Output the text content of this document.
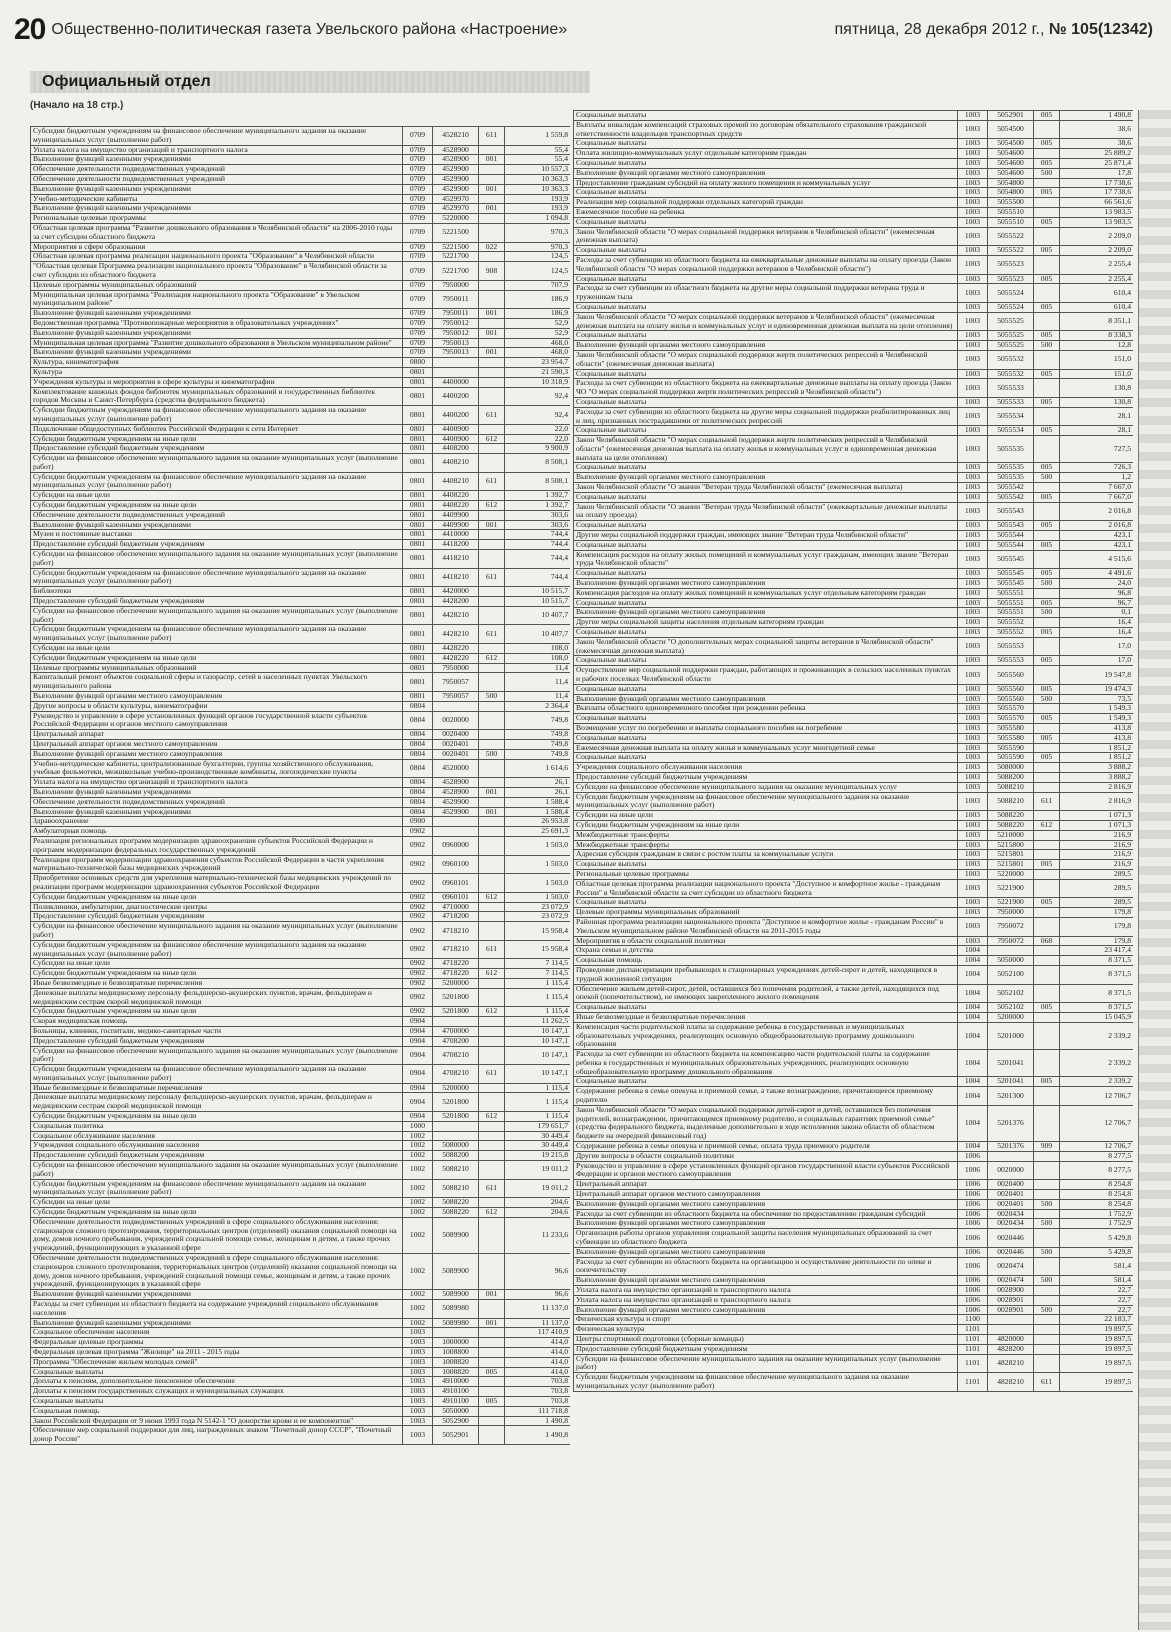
20 Общественно-политическая газета Увельского района «Настроение»	пятница, 28 декабря 2012 г., № 105(12342)
Официальный отдел
(Начало на 18 стр.)
Субсидии бюджетным учреждениям на финансовое обеспечение муниципального задания на оказание муниципальных услуг (выполнение работ)	0709	4528210	611	1 559,8
Уплата налога на имущество организаций и транспортного налога	0709	4528900		55,4
Выполнение функций казенными учреждениями	0709	4528900	001	55,4
Обеспечение деятельности подведомственных учреждений	0709	4529900		10 557,3
Обеспечение деятельности подведомственных учреждений	0709	4529900		10 363,3
Выполнение функций казенными учреждениями	0709	4529900	001	10 363,3
Учебно-методические кабинеты	0709	4529970		193,9
Выполнение функций казенными учреждениями	0709	4529970	001	193,9
Региональные целевые программы	0709	5220000		1 094,8
Областная целевая программа "Развитие дошкольного образования в Челябинской области" на 2006-2010 годы за счет субсидии областного бюджета	0709	5221500		970,3
Мероприятия в сфере образования	0709	5221500	022	970,3
Областная целевая программа реализации национального проекта "Образование" в Челябинской области	0709	5221700		124,5
"Областная целевая Программа реализации национального проекта "Образование" в Челябинской области за счет субсидии из областного бюджета	0709	5221700	908	124,5
Целевые программы муниципальных образований	0709	7950000		707,9
Муниципальная целевая программа "Реализация национального проекта "Образование" в Увельском муниципальном районе"	0709	7950011		186,9
Выполнение функций казенными учреждениями	0709	7950011	001	186,9
Ведомственная программа "Противопожарные мероприятия в образовательных учреждениях"	0709	7950012		52,9
Выполнение функций казенными учреждениями	0709	7950012	001	52,9
Муниципальная целевая программа "Развитие дошкольного образования в Увельском муниципальном районе"	0709	7950013		468,0
Выполнение функций казенными учреждениями	0709	7950013	001	468,0
Культура, кинематография	0800			23 954,7
Культура	0801			21 590,3
Учреждения культуры и мероприятия в сфере культуры и кинематографии	0801	4400000		10 318,9
Комплектование книжных фондов библиотек муниципальных образований и государственных библиотек городов Москвы и Санкт-Петербурга (средства федерального бюджета)	0801	4400200		92,4
Субсидии бюджетным учреждениям на финансовое обеспечение муниципального задания на оказание муниципальных услуг (выполнение работ)	0801	4400200	611	92,4
Подключение общедоступных библиотек Российской Федерации к сети Интернет	0801	4400900		22,0
Субсидии бюджетным учреждениям на иные цели	0801	4400900	612	22,0
Предоставление субсидий бюджетным учреждениям	0801	4408200		9 900,9
Субсидии на финансовое обеспечение муниципального задания на оказание муниципальных услуг (выполнение работ)	0801	4408210		8 508,1
Субсидии бюджетным учреждениям на финансовое обеспечение муниципального задания на оказание муниципальных услуг (выполнение работ)	0801	4408210	611	8 508,1
Субсидии на иные цели	0801	4408220		1 392,7
Субсидии бюджетным учреждениям на иные цели	0801	4408220	612	1 392,7
Обеспечение деятельности подведомственных учреждений	0801	4409900		303,6
Выполнение функций казенными учреждениями	0801	4409900	001	303,6
Музеи и постоянные выставки	0801	4410000		744,4
Предоставление субсидий бюджетным учреждениям	0801	4418200		744,4
Субсидии на финансовое обеспечение муниципального задания на оказание муниципальных услуг (выполнение работ)	0801	4418210		744,4
Субсидии бюджетным учреждениям на финансовое обеспечение муниципального задания на оказание муниципальных услуг (выполнение работ)	0801	4418210	611	744,4
Библиотеки	0801	4420000		10 515,7
Предоставление субсидий бюджетным учреждениям	0801	4428200		10 515,7
Субсидии на финансовое обеспечение муниципального задания на оказание муниципальных услуг (выполнение работ)	0801	4428210		10 407,7
Субсидии бюджетным учреждениям на финансовое обеспечение муниципального задания на оказание муниципальных услуг (выполнение работ)	0801	4428210	611	10 407,7
Субсидии на иные цели	0801	4428220		108,0
Субсидии бюджетным учреждениям на иные цели	0801	4428220	612	108,0
Целевые программы муниципальных образований	0801	7950000		11,4
Капитальный ремонт объектов социальной сферы и газораспр. сетей в населенных пунктах Увельского муниципального района	0801	7950057		11,4
Выполнение функций органами местного самоуправления	0801	7950057	500	11,4
Другие вопросы в области культуры, кинематографии	0804			2 364,4
Руководство и управление в сфере установленных функций органов государственной власти субъектов Российской Федерации и органов местного самоуправления	0804	0020000		749,8
Центральный аппарат	0804	0020400		749,8
Центральный аппарат органов местного самоуправления	0804	0020401		749,8
Выполнение функций органами местного самоуправления	0804	0020401	500	749,8
Учебно-методические кабинеты, централизованные бухгалтерии, группы хозяйственного обслуживания, учебные фильмотеки, межшкольные учебно-производственные комбинаты, логопедические пункты	0804	4520000		1 614,6
Уплата налога на имущество организаций и транспортного налога	0804	4528900		26,1
Выполнение функций казенными учреждениями	0804	4528900	001	26,1
Обеспечение деятельности подведомственных учреждений	0804	4529900		1 588,4
Выполнение функций казенными учреждениями	0804	4529900	001	1 588,4
Здравоохранение	0900			26 953,8
Амбулаторная помощь	0902			25 691,3
Реализация региональных программ модернизации здравоохранения субъектов Российской Федерации и программ модернизации федеральных государственных учреждений	0902	0960000		1 503,0
Реализация программ модернизации здравоохранения субъектов Российской Федерации в части укрепления материально-технической базы медицинских учреждений	0902	0960100		1 503,0
Приобретение основных средств для укрепления материально-технической базы медицинских учреждений по реализации программ модернизации здравоохранения субъектов Российской Федерации	0902	0960101		1 503,0
Субсидии бюджетным учреждениям на иные цели	0902	0960101	612	1 503,0
Поликлиники, амбулатории, диагностические центры	0902	4710000		23 072,9
Предоставление субсидий бюджетным учреждениям	0902	4718200		23 072,9
Субсидии на финансовое обеспечение муниципального задания на оказание муниципальных услуг (выполнение работ)	0902	4718210		15 958,4
Субсидии бюджетным учреждениям на финансовое обеспечение муниципального задания на оказание муниципальных услуг (выполнение работ)	0902	4718210	611	15 958,4
Субсидии на иные цели	0902	4718220		7 114,5
Субсидии бюджетным учреждениям на иные цели	0902	4718220	612	7 114,5
Иные безвозмездные и безвозвратные перечисления	0902	5200000		1 115,4
Денежные выплаты медицинскому персоналу фельдшерско-акушерских пунктов, врачам, фельдшерам и медицинским сестрам скорой медицинской помощи	0902	5201800		1 115,4
Субсидии бюджетным учреждениям на иные цели	0902	5201800	612	1 115,4
Скорая медицинская помощь	0904			11 262,5
Больницы, клиники, госпитали, медико-санитарные части	0904	4700000		10 147,1
Предоставление субсидий бюджетным учреждениям	0904	4708200		10 147,1
Субсидии на финансовое обеспечение муниципального задания на оказание муниципальных услуг (выполнение работ)	0904	4708210		10 147,1
Субсидии бюджетным учреждениям на финансовое обеспечение муниципального задания на оказание муниципальных услуг (выполнение работ)	0904	4708210	611	10 147,1
Иные безвозмездные и безвозвратные перечисления	0904	5200000		1 115,4
Денежные выплаты медицинскому персоналу фельдшерско-акушерских пунктов, врачам, фельдшерам и медицинским сестрам скорой медицинской помощи	0904	5201800		1 115,4
Субсидии бюджетным учреждениям на иные цели	0904	5201800	612	1 115,4
Социальная политика	1000			179 651,7
Социальное обслуживание населения	1002			30 449,4
Учреждения социального обслуживания населения	1002	5080000		30 449,4
Предоставление субсидий бюджетным учреждениям	1002	5088200		19 215,8
Субсидии на финансовое обеспечение муниципального задания на оказание муниципальных услуг (выполнение работ)	1002	5088210		19 011,2
Субсидии бюджетным учреждениям на финансовое обеспечение муниципального задания на оказание муниципальных услуг (выполнение работ)	1002	5088210	611	19 011,2
Субсидии на иные цели	1002	5088220		204,6
Субсидии бюджетным учреждениям на иные цели	1002	5088220	612	204,6
Обеспечение деятельности подведомственных учреждений в сфере социального обслуживания населения: стационаров сложного протезирования, территориальных центров (отделений) оказания социальной помощи на дому, домов ночного пребывания, учреждений социальной помощи семье, женщинам и детям, а также прочих учреждений, функционирующих в указанной сфере	1002	5089900		11 233,6
Обеспечение деятельности подведомственных учреждений в сфере социального обслуживания населения: стационаров сложного протезирования, территориальных центров (отделений) оказания социальной помощи на дому, домов ночного пребывания, учреждений социальной помощи семье, женщинам и детям, а также прочих учреждений, функционирующих в указанной сфере	1002	5089900		96,6
Выполнение функций казенными учреждениями	1002	5089900	001	96,6
Расходы за счет субвенции из областного бюджета на содержание учреждений социального обслуживания населения	1002	5089980		11 137,0
Выполнение функций казенными учреждениями	1002	5089980	001	11 137,0
Социальное обеспечение населения	1003			117 410,9
Федеральные целевые программы	1003	1000000		414,0
Федеральная целевая программа "Жилище" на 2011 - 2015 годы	1003	1008800		414,0
Программа "Обеспечение жильем молодых семей"	1003	1008820		414,0
Социальные выплаты	1003	1008820	005	414,0
Доплаты к пенсиям, дополнительное пенсионное обеспечение	1003	4910000		703,8
Доплаты к пенсиям государственных служащих и муниципальных служащих	1003	4910100		703,8
Социальные выплаты	1003	4910100	005	703,8
Социальная помощь	1003	5050000		111 718,8
Закон Российской Федерации от 9 июня 1993 года N 5142-1 "О донорстве крови и ее компонентов"	1003	5052900		1 490,8
Обеспечение мер социальной поддержки для лиц, награжденных знаком "Почетный донор СССР", "Почетный донор России"	1003	5052901		1 490,8
Социальные выплаты	1003	5052901	005	1 490,8
Выплаты инвалидам компенсаций страховых премий по договорам обязательного страхования гражданской ответственности владельцев транспортных средств	1003	5054500		38,6
Социальные выплаты	1003	5054500	005	38,6
Оплата жилищно-коммунальных услуг отдельным категориям граждан	1003	5054600		25 889,2
Социальные выплаты	1003	5054600	005	25 871,4
Выполнение функций органами местного самоуправления	1003	5054600	500	17,8
Предоставление гражданам субсидий на оплату жилого помещения и коммунальных услуг	1003	5054800		17 738,6
Социальные выплаты	1003	5054800	005	17 738,6
Реализация мер социальной поддержки отдельных категорий граждан	1003	5055500		66 561,6
Ежемесячное пособие на ребенка	1003	5055510		13 983,5
Социальные выплаты	1003	5055510	005	13 983,5
Закон Челябинской области "О мерах социальной поддержки ветеранов в Челябинской области" (ежемесячная денежная выплата)	1003	5055522		2 209,0
Социальные выплаты	1003	5055522	005	2 209,0
Расходы за счет субвенции из областного бюджета на ежеквартальные денежные выплаты на оплату проезда (Закон Челябинской области "О мерах социальной поддержки ветеранов в Челябинской области")	1003	5055523		2 255,4
Социальные выплаты	1003	5055523	005	2 255,4
Расходы за счет субвенции из областного бюджета на другие меры социальной поддержки ветерана труда и труженикам тыла	1003	5055524		610,4
Социальные выплаты	1003	5055524	005	610,4
Закон Челябинской области "О мерах социальной поддержки ветеранов в Челябинской области" (ежемесячная денежная выплата на оплату жилья и коммунальных услуг и единовременная денежная выплата на цели отопления)	1003	5055525		8 351,1
Социальные выплаты	1003	5055525	005	8 338,3
Выполнение функций органами местного самоуправления	1003	5055525	500	12,8
Закон Челябинской области "О мерах социальной поддержки жертв политических репрессий в Челябинской области" (ежемесячная денежная выплата)	1003	5055532		151,0
Социальные выплаты	1003	5055532	005	151,0
Расходы за счет субвенции из областного бюджета на ежеквартальные денежные выплаты на оплату проезда (Закон ЧО "О мерах социальной поддержки жертв политических репрессий в Челябинской области")	1003	5055533		130,8
Социальные выплаты	1003	5055533	005	130,8
Расходы за счет субвенции из областного бюджета на другие меры социальной поддержки реабилитированных лиц и лиц, признанных пострадавшими от политических репрессий	1003	5055534		28,1
Социальные выплаты	1003	5055534	005	28,1
Закон Челябинской области "О мерах социальной поддержки жертв политических репрессий в Челябинской области" (ежемесячная денежная выплата на оплату жилья и коммунальных услуг и единовременная денежная выплата на цели отопления)	1003	5055535		727,5
Социальные выплаты	1003	5055535	005	726,3
Выполнение функций органами местного самоуправления	1003	5055535	500	1,2
Закон Челябинской области "О звании "Ветеран труда Челябинской области" (ежемесячная выплата)	1003	5055542		7 667,0
Социальные выплаты	1003	5055542	005	7 667,0
Закон Челябинской области "О звании "Ветеран труда Челябинской области" (ежеквартальные денежные выплаты на оплату проезда)	1003	5055543		2 016,8
Социальные выплаты	1003	5055543	005	2 016,8
Другие меры социальной поддержки граждан, имеющих звание "Ветеран труда Челябинской области"	1003	5055544		423,1
Социальные выплаты	1003	5055544	005	423,1
Компенсация расходов на оплату жилых помещений и коммунальных услуг гражданам, имеющих звание "Ветеран труда Челябинской области"	1003	5055545		4 515,6
Социальные выплаты	1003	5055545	005	4 491,6
Выполнение функций органами местного самоуправления	1003	5055545	500	24,0
Компенсация расходов на оплату жилых помещений и коммунальных услуг отдельным категориям граждан	1003	5055551		96,8
Социальные выплаты	1003	5055551	005	96,7
Выполнение функций органами местного самоуправления	1003	5055551	500	0,1
Другие меры социальной защиты населения отдельным категориям граждан	1003	5055552		16,4
Социальные выплаты	1003	5055552	005	16,4
Закон Челябинской области "О дополнительных мерах социальной защиты ветеранов в Челябинской области" (ежемесячная денежная выплата)	1003	5055553		17,0
Социальные выплаты	1003	5055553	005	17,0
Осуществление мер социальной поддержки граждан, работающих и проживающих в сельских населенных пунктах и рабочих поселках Челябинской области	1003	5055560		19 547,8
Социальные выплаты	1003	5055560	005	19 474,3
Выполнение функций органами местного самоуправления	1003	5055560	500	73,5
Выплаты областного единовременного пособия при рождении ребенка	1003	5055570		1 549,3
Социальные выплаты	1003	5055570	005	1 549,3
Возмещение услуг по погребению и выплаты социального пособия на погребение	1003	5055580		413,8
Социальные выплаты	1003	5055580	005	413,8
Ежемесячная денежная выплата на оплату жилья и коммунальных услуг многодетной семье	1003	5055590		1 851,2
Социальные выплаты	1003	5055590	005	1 851,2
Учреждения социального обслуживания населения	1003	5080000		3 888,2
Предоставление субсидий бюджетным учреждениям	1003	5088200		3 888,2
Субсидии на финансовое обеспечение муниципального задания на оказание муниципальных услуг	1003	5088210		2 816,9
Субсидии бюджетным учреждениям на финансовое обеспечение муниципального задания на оказание муниципальных услуг (выполнение работ)	1003	5088210	611	2 816,9
Субсидии на иные цели	1003	5088220		1 071,3
Субсидии бюджетным учреждениям на иные цели	1003	5088220	612	1 071,3
Межбюджетные трансферты	1003	5210000		216,9
Межбюджетные трансферты	1003	5215800		216,9
Адресная субсидия гражданам в связи с ростом платы за коммунальные услуги	1003	5215801		216,9
Социальные выплаты	1003	5215801	005	216,9
Региональные целевые программы	1003	5220000		289,5
Областная целевая программа реализации национального проекта "Доступное и комфортное жилье - гражданам России" в Челябинской области за счет субсидии из областного бюджета	1003	5221900		289,5
Социальные выплаты	1003	5221900	005	289,5
Целевые программы муниципальных образований	1003	7950000		179,8
Районная программа реализации национального проекта "Доступное и комфортное жилье - гражданам России" в Увельском муниципальном районе Челябинской области на 2011-2015 годы	1003	7950072		179,8
Мероприятия в области социальной политики	1003	7950072	068	179,8
Охрана семьи и детства	1004			23 417,4
Социальная помощь	1004	5050000		8 371,5
Проведение диспансеризации пребывающих в стационарных учреждениях детей-сирот и детей, находящихся в трудной жизненной ситуации	1004	5052100		8 371,5
Обеспечение жильем детей-сирот, детей, оставшихся без попечения родителей, а также детей, находящихся под опекой (попечительством), не имеющих закрепленного жилого помещения	1004	5052102		8 371,5
Социальные выплаты	1004	5052102	005	8 371,5
Иные безвозмездные и безвозвратные перечисления	1004	5200000		15 045,9
Компенсация части родительской платы за содержание ребенка в государственных и муниципальных образовательных учреждениях, реализующих основную общеобразовательную программу дошкольного образования	1004	5201000		2 339,2
Расходы за счет субвенции из областного бюджета на компенсацию части родительской платы за содержание ребенка в государственных и муниципальных образовательных учреждениях, реализующих основную общеобразовательную программу дошкольного образования	1004	5201041		2 339,2
Социальные выплаты	1004	5201041	005	2 339,2
Содержание ребенка в семье опекуна и приемной семье, а также вознаграждение, причитающееся приемному родителю	1004	5201300		12 706,7
Закон Челябинской области "О мерах социальной поддержки детей-сирот и детей, оставшихся без попечения родителей, вознаграждении, причитающемся приемному родителю, и социальных гарантиях приемной семье" (средства федерального бюджета, выделенные дополнительно в ходе исполнения закона области об областном бюджете на очередной финансовый год)	1004	5201376		12 706,7
Содержание ребенка в семье опекуна и приемной семье, оплата труда приемного родителя	1004	5201376	909	12 706,7
Другие вопросы в области социальной политики	1006			8 277,5
Руководство и управление в сфере установленных функций органов государственной власти субъектов Российской Федерации и органов местного самоуправления	1006	0020000		8 277,5
Центральный аппарат	1006	0020400		8 254,8
Центральный аппарат органов местного самоуправления	1006	0020401		8 254,8
Выполнение функций органами местного самоуправления	1006	0020401	500	8 254,8
Расходы за счет субвенции из областного бюджета на обеспечение по предоставлению гражданам субсидий	1006	0020434		1 752,9
Выполнение функций органами местного самоуправления	1006	0020434	500	1 752,9
Организация работы органов управления социальной защиты населения муниципальных образований за счет субвенции из областного бюджета	1006	0020446		5 429,8
Выполнение функций органами местного самоуправления	1006	0020446	500	5 429,8
Расходы за счет субвенции из областного бюджета на организацию и осуществление деятельности по опеке и попечительству	1006	0020474		581,4
Выполнение функций органами местного самоуправления	1006	0020474	500	581,4
Уплата налога на имущество организаций и транспортного налога	1006	0028900		22,7
Уплата налога на имущество организаций и транспортного налога	1006	0028901		22,7
Выполнение функций органами местного самоуправления	1006	0028901	500	22,7
Физическая культура и спорт	1100			22 183,7
Физическая культура	1101			19 897,5
Центры спортивной подготовки (сборные команды)	1101	4820000		19 897,5
Предоставление субсидий бюджетным учреждениям	1101	4828200		19 897,5
Субсидии на финансовое обеспечение муниципального задания на оказание муниципальных услуг (выполнение работ)	1101	4828210		19 897,5
Субсидии бюджетным учреждениям на финансовое обеспечение муниципального задания на оказание муниципальных услуг (выполнение работ)	1101	4828210	611	19 897,5
